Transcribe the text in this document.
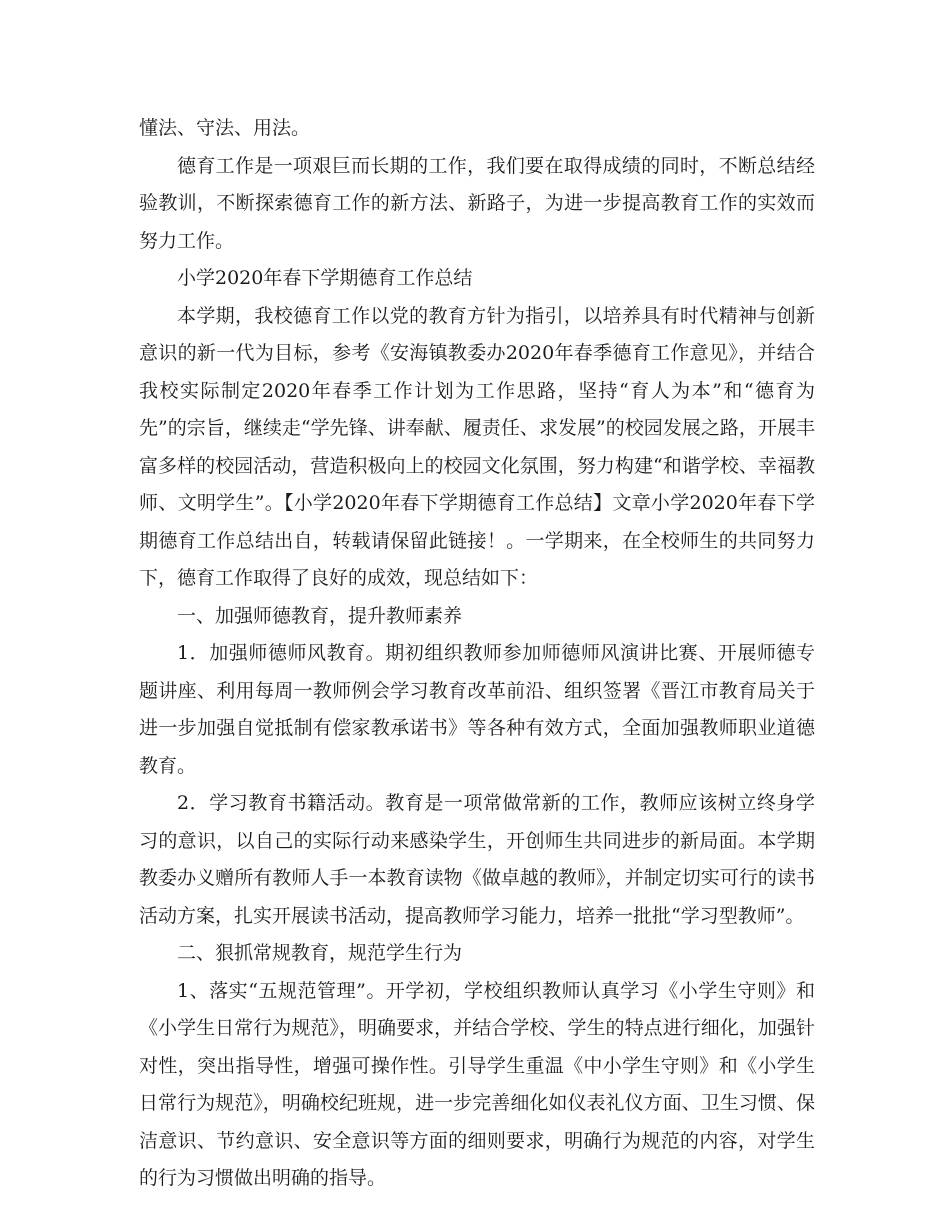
懂法、守法、用法。

德育工作是一项艰巨而长期的工作，我们要在取得成绩的同时，不断总结经验教训，不断探索德育工作的新方法、新路子，为进一步提高教育工作的实效而努力工作。

小学2020年春下学期德育工作总结

本学期，我校德育工作以党的教育方针为指引，以培养具有时代精神与创新意识的新一代为目标，参考《安海镇教委办2020年春季德育工作意见》，并结合我校实际制定2020年春季工作计划为工作思路，坚持“育人为本”和“德育为先”的宗旨，继续走“学先锋、讲奉献、履责任、求发展”的校园发展之路，开展丰富多样的校园活动，营造积极向上的校园文化氛围，努力构建“和谐学校、幸福教师、文明学生”。【小学2020年春下学期德育工作总结】文章小学2020年春下学期德育工作总结出自，转载请保留此链接！。一学期来，在全校师生的共同努力下，德育工作取得了良好的成效，现总结如下：

一、加强师德教育，提升教师素养

1．加强师德师风教育。期初组织教师参加师德师风演讲比赛、开展师德专题讲座、利用每周一教师例会学习教育改革前沿、组织签署《晋江市教育局关于进一步加强自觉抵制有偿家教承诺书》等各种有效方式，全面加强教师职业道德教育。

2．学习教育书籍活动。教育是一项常做常新的工作，教师应该树立终身学习的意识，以自己的实际行动来感染学生，开创师生共同进步的新局面。本学期教委办义赠所有教师人手一本教育读物《做卓越的教师》，并制定切实可行的读书活动方案，扎实开展读书活动，提高教师学习能力，培养一批批“学习型教师”。

二、狠抓常规教育，规范学生行为

1、落实“五规范管理”。开学初，学校组织教师认真学习《小学生守则》和《小学生日常行为规范》，明确要求，并结合学校、学生的特点进行细化，加强针对性，突出指导性，增强可操作性。引导学生重温《中小学生守则》和《小学生日常行为规范》，明确校纪班规，进一步完善细化如仪表礼仪方面、卫生习惯、保洁意识、节约意识、安全意识等方面的细则要求，明确行为规范的内容，对学生的行为习惯做出明确的指导。
